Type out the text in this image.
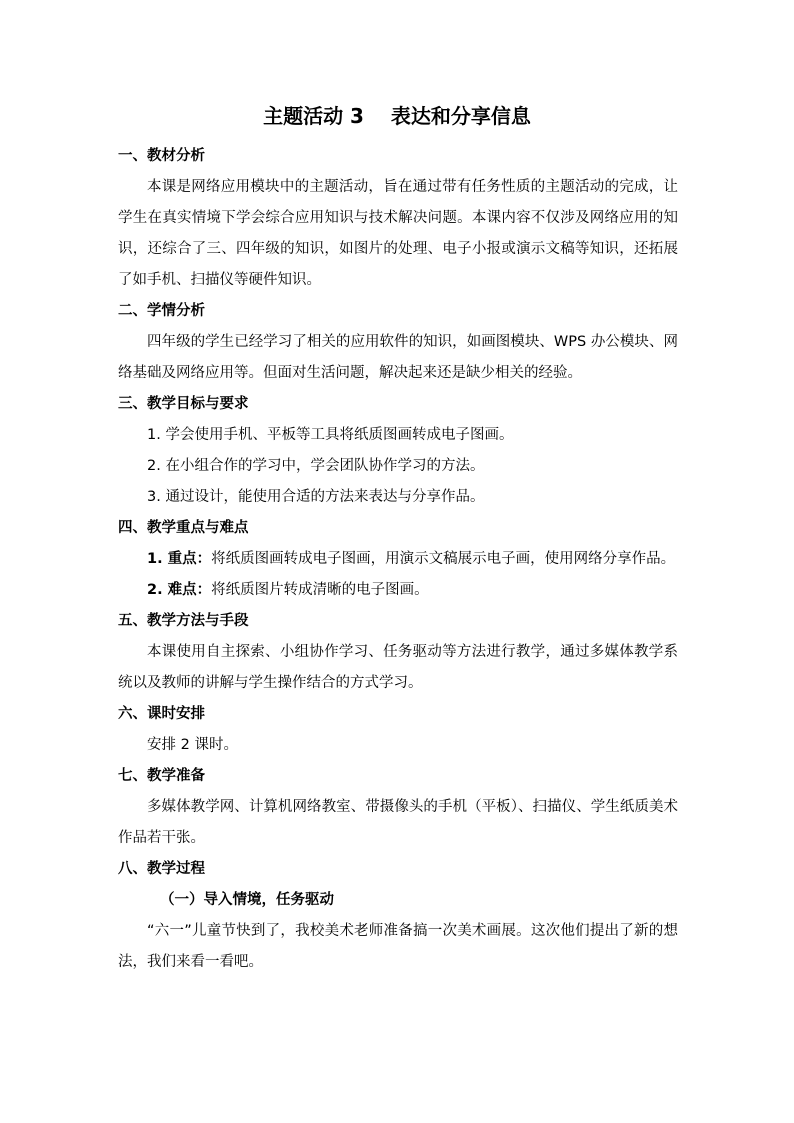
主题活动 3　 表达和分享信息

一、教材分析

本课是网络应用模块中的主题活动，旨在通过带有任务性质的主题活动的完成，让学生在真实情境下学会综合应用知识与技术解决问题。本课内容不仅涉及网络应用的知识，还综合了三、四年级的知识，如图片的处理、电子小报或演示文稿等知识，还拓展了如手机、扫描仪等硬件知识。

二、学情分析

四年级的学生已经学习了相关的应用软件的知识，如画图模块、WPS 办公模块、网络基础及网络应用等。但面对生活问题，解决起来还是缺少相关的经验。

三、教学目标与要求

1. 学会使用手机、平板等工具将纸质图画转成电子图画。

2. 在小组合作的学习中，学会团队协作学习的方法。

3. 通过设计，能使用合适的方法来表达与分享作品。

四、教学重点与难点

1. 重点：将纸质图画转成电子图画，用演示文稿展示电子画，使用网络分享作品。

2. 难点：将纸质图片转成清晰的电子图画。

五、教学方法与手段

本课使用自主探索、小组协作学习、任务驱动等方法进行教学，通过多媒体教学系统以及教师的讲解与学生操作结合的方式学习。

六、课时安排

安排 2 课时。

七、教学准备

多媒体教学网、计算机网络教室、带摄像头的手机（平板）、扫描仪、学生纸质美术作品若干张。

八、教学过程

（一）导入情境，任务驱动

“六一”儿童节快到了，我校美术老师准备搞一次美术画展。这次他们提出了新的想法，我们来看一看吧。
